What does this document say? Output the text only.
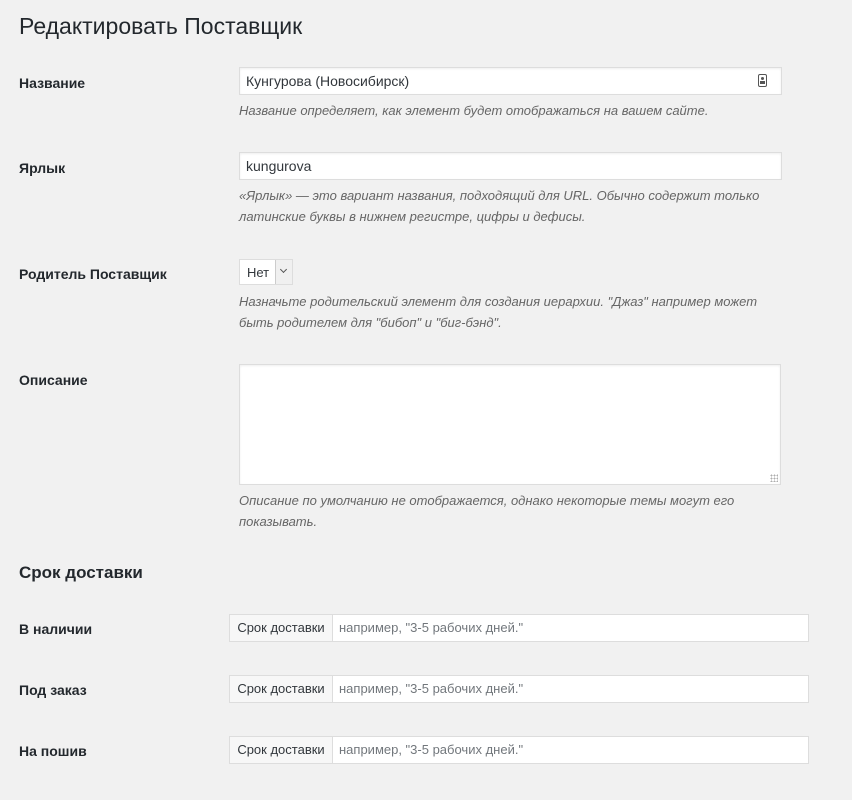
Редактировать Поставщик
Название	Кунгурова (Новосибирск)
Название определяет, как элемент будет отображаться на вашем сайте.
Ярлык	kungurova
«Ярлык» — это вариант названия, подходящий для URL. Обычно содержит только
латинские буквы в нижнем регистре, цифры и дефисы.
Родитель Поставщик	Нет
Назначьте родительский элемент для создания иерархии. "Джаз" например может
быть родителем для "бибоп" и "биг-бэнд".
Описание
Описание по умолчанию не отображается, однако некоторые темы могут его
показывать.
Срок доставки
В наличии	Срок доставки	например, "3-5 рабочих дней."
Под заказ	Срок доставки	например, "3-5 рабочих дней."
На пошив	Срок доставки	например, "3-5 рабочих дней."
